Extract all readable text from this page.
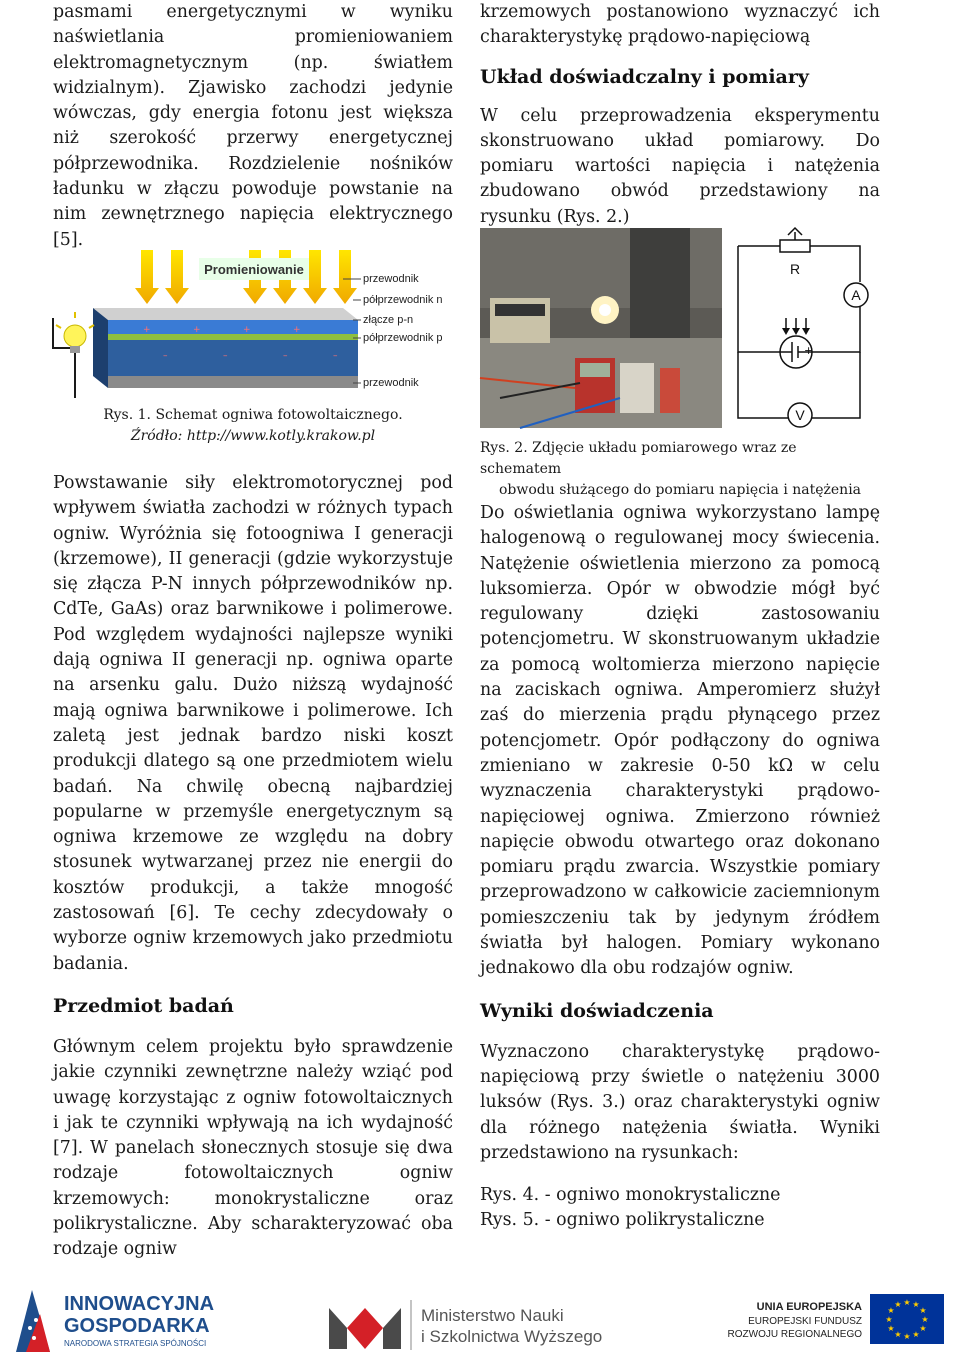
pasmami energetycznymi w wyniku naświetlania promieniowaniem elektromagnetycznym (np. światłem widzialnym). Zjawisko zachodzi jedynie wówczas, gdy energia fotonu jest większa niż szerokość przerwy energetycznej półprzewodnika. Rozdzielenie nośników ładunku w złączu powoduje powstanie na nim zewnętrznego napięcia elektrycznego [5].

Promieniowanie
+	+	+	+
–	–	–	–
przewodnik
półprzewodnik n
złącze p-n
półprzewodnik p
przewodnik
Rys. 1. Schemat ogniwa fotowoltaicznego.
Źródło: http://www.kotly.krakow.pl

Powstawanie siły elektromotorycznej pod wpływem światła zachodzi w różnych typach ogniw. Wyróżnia się fotoogniwa I generacji (krzemowe), II generacji (gdzie wykorzystuje się złącza P-N innych półprzewodników np. CdTe, GaAs) oraz barwnikowe i polimerowe. Pod względem wydajności najlepsze wyniki dają ogniwa II generacji np. ogniwa oparte na arsenku galu. Dużo niższą wydajność mają ogniwa barwnikowe i polimerowe. Ich zaletą jest jednak bardzo niski koszt produkcji dlatego są one przedmiotem wielu badań. Na chwilę obecną najbardziej popularne w przemyśle energetycznym są ogniwa krzemowe ze względu na dobry stosunek wytwarzanej przez nie energii do kosztów produkcji, a także mnogość zastosowań [6]. Te cechy zdecydowały o wyborze ogniw krzemowych jako przedmiotu badania.

Przedmiot badań

Głównym celem projektu było sprawdzenie jakie czynniki zewnętrzne należy wziąć pod uwagę korzystając z ogniw fotowoltaicznych i jak te czynniki wpływają na ich wydajność [7]. W panelach słonecznych stosuje się dwa rodzaje fotowoltaicznych ogniw krzemowych: monokrystaliczne oraz polikrystaliczne. Aby scharakteryzować oba rodzaje ogniw

krzemowych postanowiono wyznaczyć ich charakterystykę prądowo-napięciową

Układ doświadczalny i pomiary

W celu przeprowadzenia eksperymentu skonstruowano układ pomiarowy. Do pomiaru wartości napięcia i natężenia zbudowano obwód przedstawiony na rysunku (Rys. 2.)

+
R
A
V
Rys. 2. Zdjęcie układu pomiarowego wraz ze schematem
obwodu służącego do pomiaru napięcia i natężenia

Do oświetlania ogniwa wykorzystano lampę halogenową o regulowanej mocy świecenia. Natężenie oświetlenia mierzono za pomocą luksomierza. Opór w obwodzie mógł być regulowany dzięki zastosowaniu potencjometru. W skonstruowanym układzie za pomocą woltomierza mierzono napięcie na zaciskach ogniwa. Amperomierz służył zaś do mierzenia prądu płynącego przez potencjometr. Opór podłączony do ogniwa zmieniano w zakresie 0-50 kΩ w celu wyznaczenia charakterystyki prądowo-napięciowej ogniwa. Zmierzono również napięcie obwodu otwartego oraz dokonano pomiaru prądu zwarcia. Wszystkie pomiary przeprowadzono w całkowicie zaciemnionym pomieszczeniu tak by jedynym źródłem światła był halogen. Pomiary wykonano jednakowo dla obu rodzajów ogniw.

Wyniki doświadczenia

Wyznaczono charakterystykę prądowo-napięciową przy świetle o natężeniu 3000 luksów (Rys. 3.) oraz charakterystyki ogniw dla różnego natężenia światła. Wyniki przedstawiono na rysunkach:

Rys. 4. - ogniwo monokrystaliczne

Rys. 5. - ogniwo polikrystaliczne

INNOWACYJNA
GOSPODARKA
NARODOWA STRATEGIA SPÓJNOŚCI
Ministerstwo Nauki
i Szkolnictwa Wyższego
UNIA EUROPEJSKA
EUROPEJSKI FUNDUSZ
ROZWOJU REGIONALNEGO
★ ★
★
★
★
★
★
★
★
★
★
★
